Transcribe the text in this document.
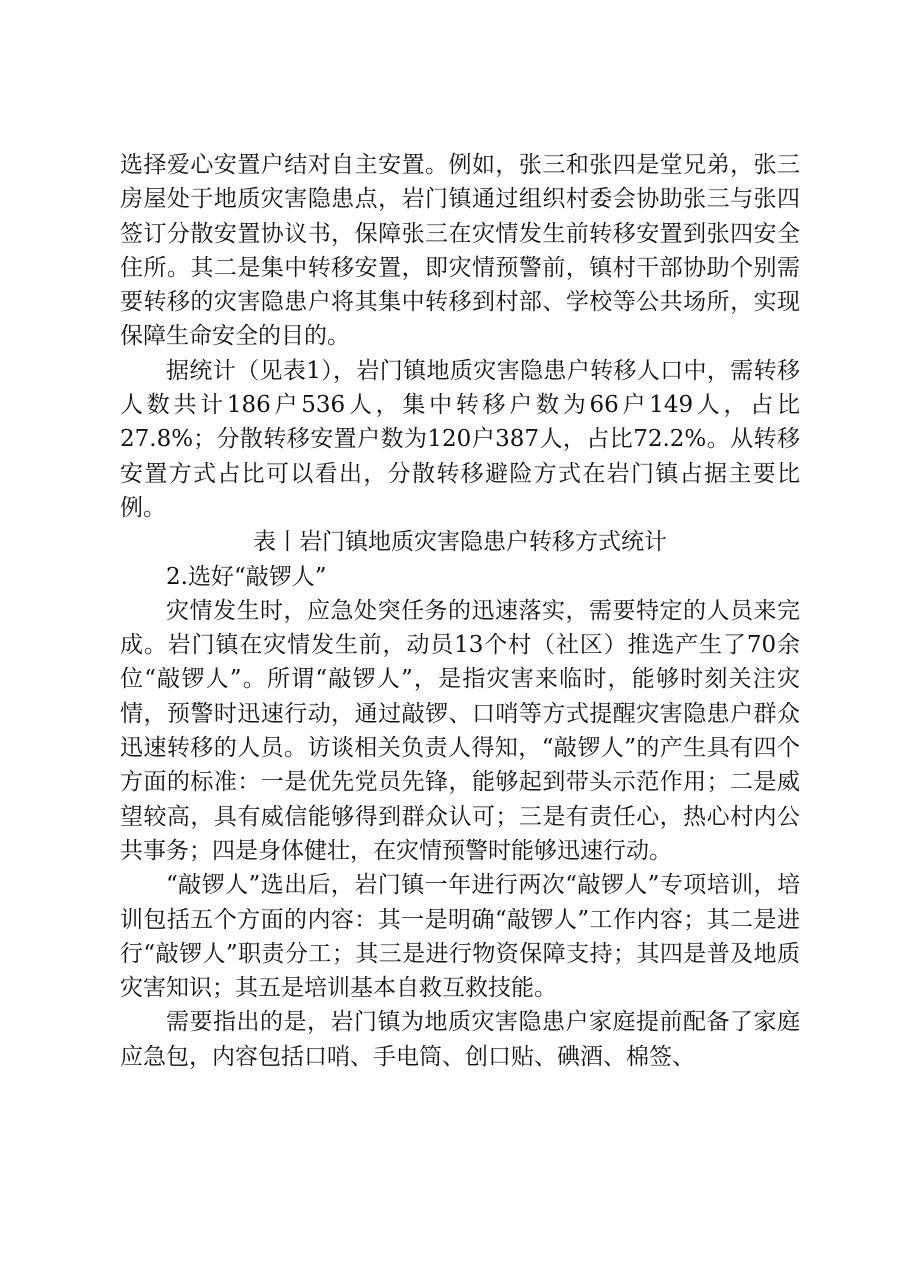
选择爱心安置户结对自主安置。例如，张三和张四是堂兄弟，张三房屋处于地质灾害隐患点，岩门镇通过组织村委会协助张三与张四签订分散安置协议书，保障张三在灾情发生前转移安置到张四安全住所。其二是集中转移安置，即灾情预警前，镇村干部协助个别需要转移的灾害隐患户将其集中转移到村部、学校等公共场所，实现保障生命安全的目的。

据统计（见表1），岩门镇地质灾害隐患户转移人口中，需转移人数共计186户536人，集中转移户数为66户149人，占比27.8%；分散转移安置户数为120户387人，占比72.2%。从转移安置方式占比可以看出，分散转移避险方式在岩门镇占据主要比例。

表丨岩门镇地质灾害隐患户转移方式统计

2.选好“敲锣人”

灾情发生时，应急处突任务的迅速落实，需要特定的人员来完成。岩门镇在灾情发生前，动员13个村（社区）推选产生了70余位“敲锣人”。所谓“敲锣人”，是指灾害来临时，能够时刻关注灾情，预警时迅速行动，通过敲锣、口哨等方式提醒灾害隐患户群众迅速转移的人员。访谈相关负责人得知，“敲锣人”的产生具有四个方面的标准：一是优先党员先锋，能够起到带头示范作用；二是威望较高，具有威信能够得到群众认可；三是有责任心，热心村内公共事务；四是身体健壮，在灾情预警时能够迅速行动。

“敲锣人”选出后，岩门镇一年进行两次“敲锣人”专项培训，培训包括五个方面的内容：其一是明确“敲锣人”工作内容；其二是进行“敲锣人”职责分工；其三是进行物资保障支持；其四是普及地质灾害知识；其五是培训基本自救互救技能。

需要指出的是，岩门镇为地质灾害隐患户家庭提前配备了家庭应急包，内容包括口哨、手电筒、创口贴、碘酒、棉签、
